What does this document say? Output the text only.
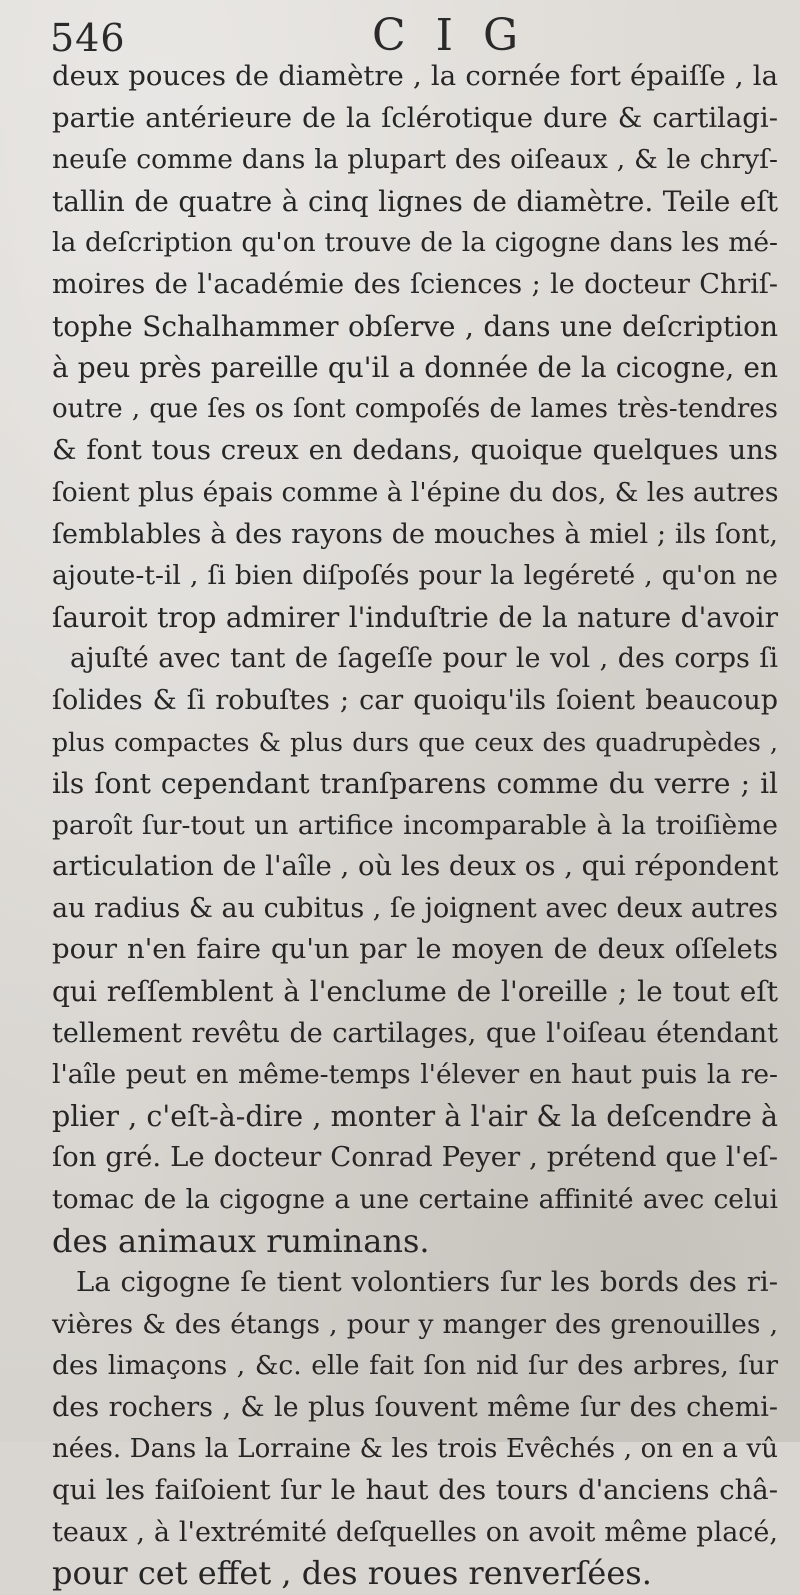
546	C I G
deux pouces de diamètre , la cornée fort épaiſſe , la
partie antérieure de la ſclérotique dure & cartilagi-
neuſe comme dans la plupart des oiſeaux , & le chryſ-
tallin de quatre à cinq lignes de diamètre. Teile eſt
la deſcription qu'on trouve de la cigogne dans les mé-
moires de l'académie des ſciences ; le docteur Chriſ-
tophe Schalhammer obſerve , dans une deſcription
à peu près pareille qu'il a donnée de la cicogne, en
outre , que ſes os ſont compoſés de lames très-tendres
& font tous creux en dedans, quoique quelques uns
ſoient plus épais comme à l'épine du dos, & les autres
ſemblables à des rayons de mouches à miel ; ils ſont,
ajoute-t-il , ſi bien diſpoſés pour la legéreté , qu'on ne
ſauroit trop admirer l'induſtrie de la nature d'avoir
ajuſté avec tant de ſageſſe pour le vol , des corps ſi
ſolides & ſi robuſtes ; car quoiqu'ils ſoient beaucoup
plus compactes & plus durs que ceux des quadrupèdes ,
ils ſont cependant tranſparens comme du verre ; il
paroît ſur-tout un artifice incomparable à la troiſième
articulation de l'aîle , où les deux os , qui répondent
au radius & au cubitus , ſe joignent avec deux autres
pour n'en faire qu'un par le moyen de deux oſſelets
qui reſſemblent à l'enclume de l'oreille ; le tout eſt
tellement revêtu de cartilages, que l'oiſeau étendant
l'aîle peut en même-temps l'élever en haut puis la re-
plier , c'eſt-à-dire , monter à l'air & la deſcendre à
ſon gré. Le docteur Conrad Peyer , prétend que l'eſ-
tomac de la cigogne a une certaine affinité avec celui
des animaux ruminans.
La cigogne ſe tient volontiers ſur les bords des ri-
vières & des étangs , pour y manger des grenouilles ,
des limaçons , &c. elle fait ſon nid ſur des arbres, ſur
des rochers , & le plus ſouvent même ſur des chemi-
nées. Dans la Lorraine & les trois Evêchés , on en a vû
qui les faiſoient ſur le haut des tours d'anciens châ-
teaux , à l'extrémité deſquelles on avoit même placé,
pour cet effet , des roues renverſées.
